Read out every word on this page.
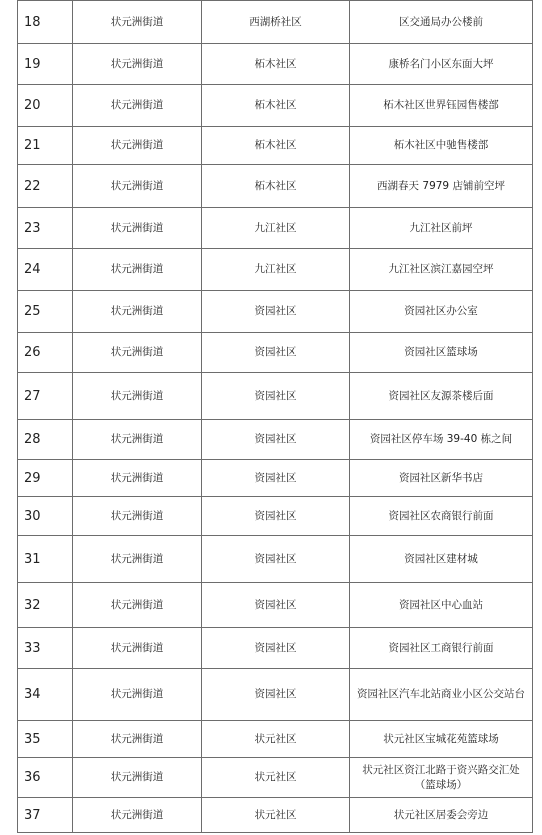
18	状元洲街道	西湖桥社区	区交通局办公楼前
19	状元洲街道	柘木社区	康桥名门小区东面大坪
20	状元洲街道	柘木社区	柘木社区世界钰园售楼部
21	状元洲街道	柘木社区	柘木社区中驰售楼部
22	状元洲街道	柘木社区	西湖春天 7979 店铺前空坪
23	状元洲街道	九江社区	九江社区前坪
24	状元洲街道	九江社区	九江社区滨江嘉园空坪
25	状元洲街道	资园社区	资园社区办公室
26	状元洲街道	资园社区	资园社区篮球场
27	状元洲街道	资园社区	资园社区友源茶楼后面
28	状元洲街道	资园社区	资园社区停车场 39-40 栋之间
29	状元洲街道	资园社区	资园社区新华书店
30	状元洲街道	资园社区	资园社区农商银行前面
31	状元洲街道	资园社区	资园社区建材城
32	状元洲街道	资园社区	资园社区中心血站
33	状元洲街道	资园社区	资园社区工商银行前面
34	状元洲街道	资园社区	资园社区汽车北站商业小区公交站台
35	状元洲街道	状元社区	状元社区宝城花苑篮球场
36	状元洲街道	状元社区	状元社区资江北路于资兴路交汇处（篮球场）
37	状元洲街道	状元社区	状元社区居委会旁边
